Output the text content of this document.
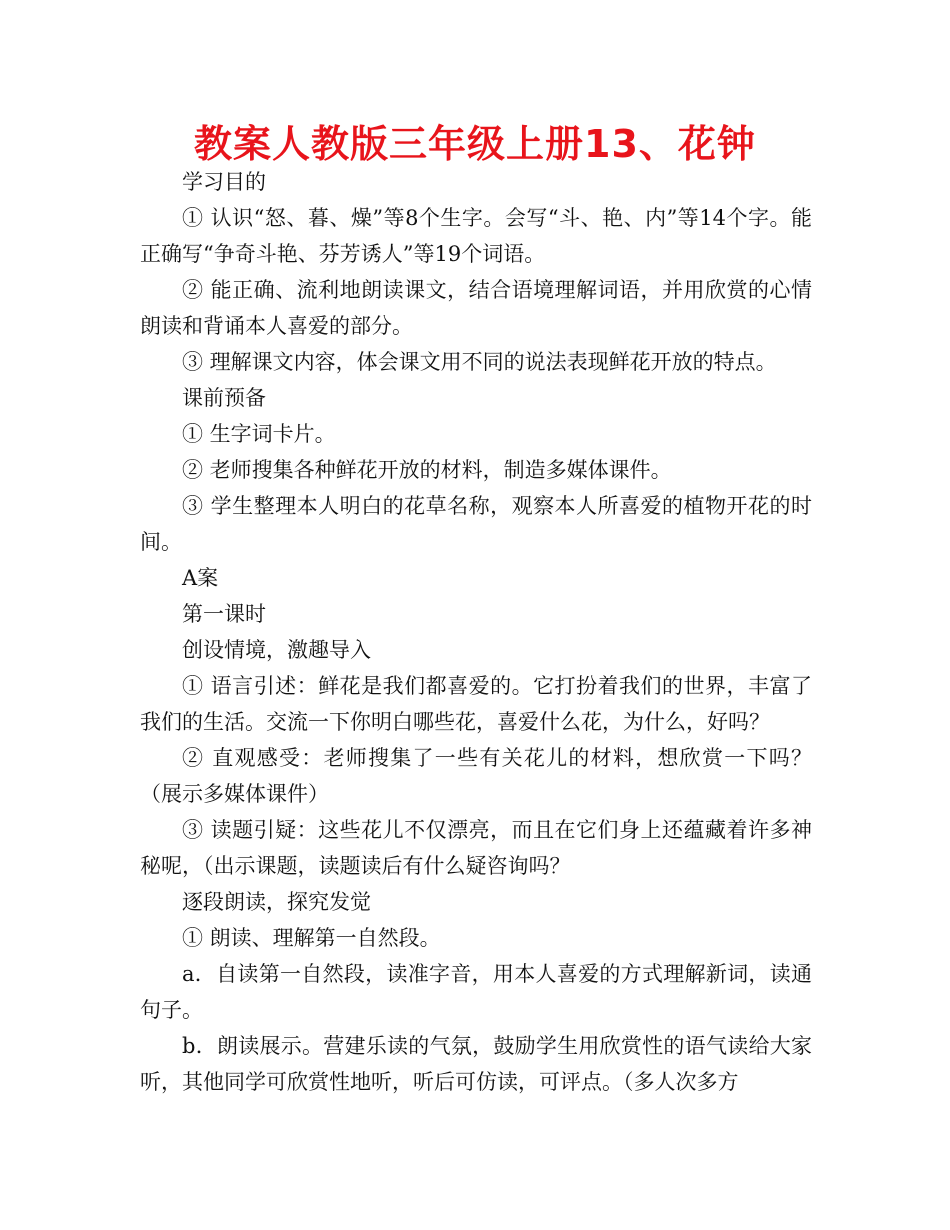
教案人教版三年级上册13、花钟

学习目的

① 认识“怒、暮、燥”等8个生字。会写“斗、艳、内”等14个字。能正确写“争奇斗艳、芬芳诱人”等19个词语。

② 能正确、流利地朗读课文，结合语境理解词语，并用欣赏的心情朗读和背诵本人喜爱的部分。

③ 理解课文内容，体会课文用不同的说法表现鲜花开放的特点。

课前预备

① 生字词卡片。

② 老师搜集各种鲜花开放的材料，制造多媒体课件。

③ 学生整理本人明白的花草名称，观察本人所喜爱的植物开花的时间。

A案

第一课时

创设情境，激趣导入

① 语言引述：鲜花是我们都喜爱的。它打扮着我们的世界，丰富了我们的生活。交流一下你明白哪些花，喜爱什么花，为什么，好吗？

② 直观感受：老师搜集了一些有关花儿的材料，想欣赏一下吗？（展示多媒体课件）

③ 读题引疑：这些花儿不仅漂亮，而且在它们身上还蕴藏着许多神秘呢，（出示课题，读题读后有什么疑咨询吗？

逐段朗读，探究发觉

① 朗读、理解第一自然段。

a．自读第一自然段，读准字音，用本人喜爱的方式理解新词，读通句子。

b．朗读展示。营建乐读的气氛，鼓励学生用欣赏性的语气读给大家听，其他同学可欣赏性地听，听后可仿读，可评点。（多人次多方
